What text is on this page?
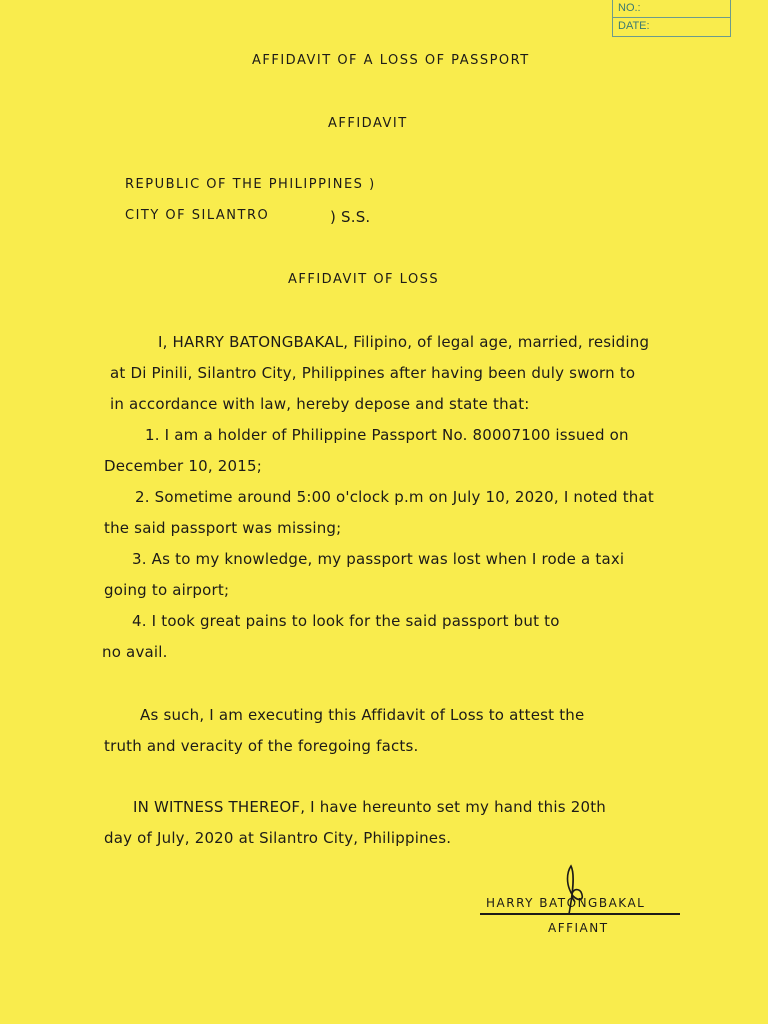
NO.:
DATE:
AFFIDAVIT OF A LOSS OF PASSPORT
AFFIDAVIT
REPUBLIC OF THE PHILIPPINES )
CITY OF SILANTRO	) S.S.
AFFIDAVIT OF LOSS
I, HARRY BATONGBAKAL, Filipino, of legal age, married, residing
at Di Pinili, Silantro City, Philippines after having been duly sworn to
in accordance with law, hereby depose and state that:
1. I am a holder of Philippine Passport No. 80007100 issued on
December 10, 2015;
2. Sometime around 5:00 o'clock p.m on July 10, 2020, I noted that
the said passport was missing;
3. As to my knowledge, my passport was lost when I rode a taxi
going to airport;
4. I took great pains to look for the said passport but to
no avail.
As such, I am executing this Affidavit of Loss to attest the
truth and veracity of the foregoing facts.
IN WITNESS THEREOF, I have hereunto set my hand this 20th
day of July, 2020 at Silantro City, Philippines.
HARRY BATONGBAKAL
AFFIANT
